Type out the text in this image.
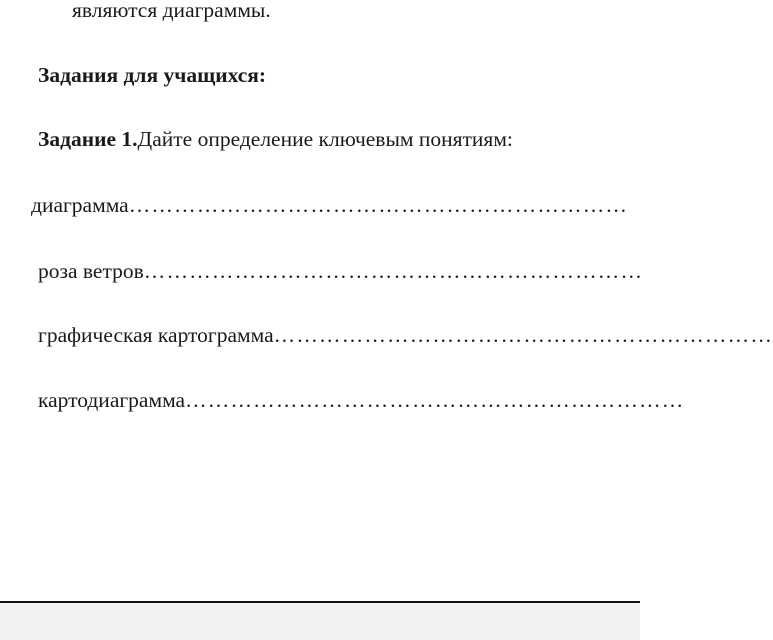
являются диаграммы.
Задания для учащихся:
Задание 1.Дайте определение ключевым понятиям:
диаграмма…………………………………………………………
роза ветров…………………………………………………………
графическая картограмма…………………………………………………………
картодиаграмма…………………………………………………………
